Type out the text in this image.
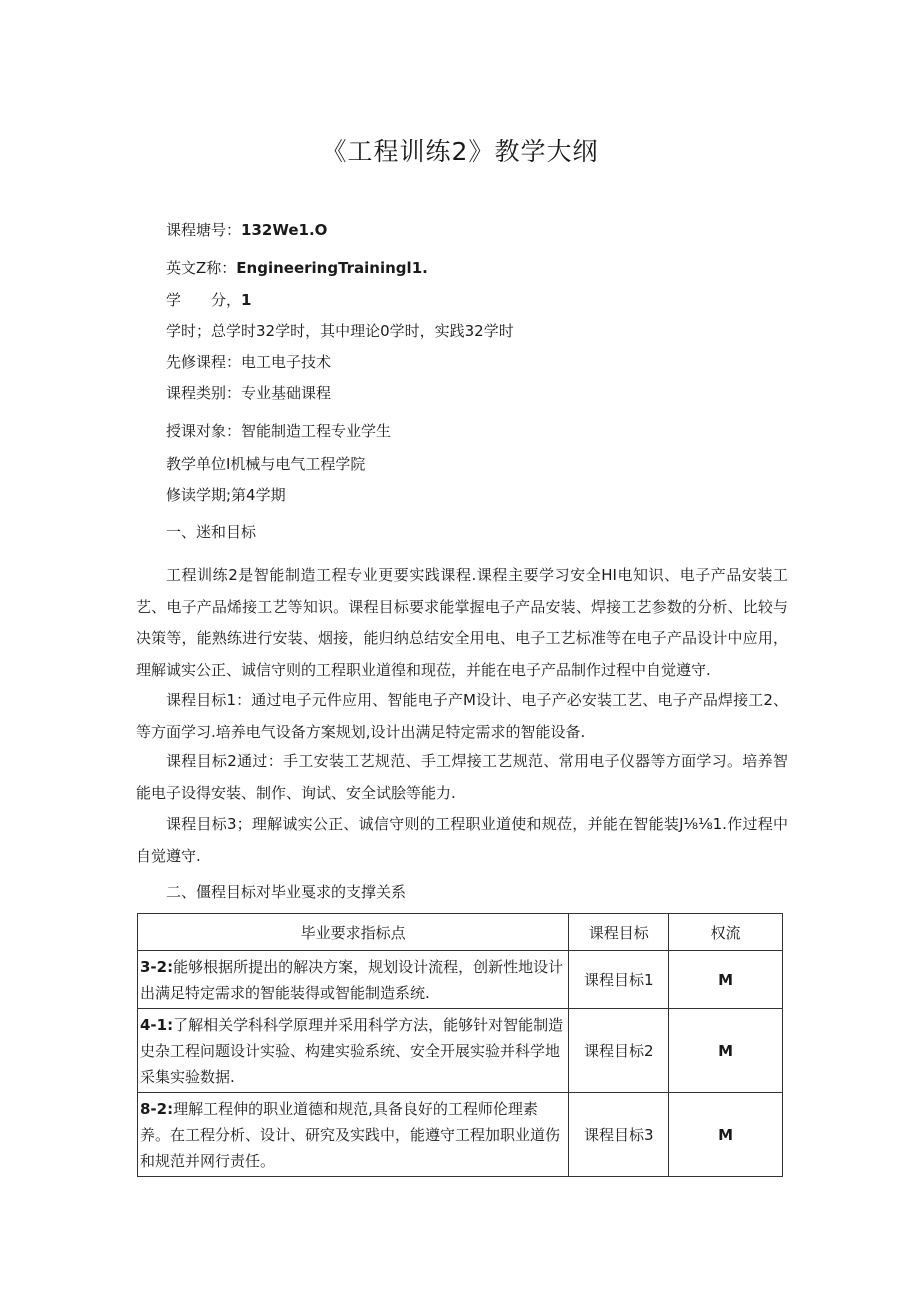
《工程训练2》教学大纲
课程塘号：132We1.O
英文Z称：EngineeringTrainingl1.
学　　分，1
学时；总学时32学时，其中理论0学时，实践32学时
先修课程：电工电子技术
课程类别：专业基础课程
授课对象：智能制造工程专业学生
教学单位I机械与电气工程学院
修读学期;第4学期
一、迷和目标

工程训练2是智能制造工程专业更要实践课程.课程主要学习安全HI电知识、电子产品安装工艺、电子产品烯接工艺等知识。课程目标要求能掌握电子产品安装、焊接工艺参数的分析、比较与决策等，能熟练进行安装、烟接，能归纳总结安全用电、电子工艺标准等在电子产品设计中应用，理解诚实公正、诚信守则的工程职业道徨和现莅，并能在电子产品制作过程中自觉遵守.

课程目标1：通过电子元件应用、智能电子产M设计、电子产必安装工艺、电子产品焊接工2、等方面学习.培养电气设备方案规划,设计出满足特定需求的智能设备.

课程目标2通过：手工安装工艺规范、手工焊接工艺规范、常用电子仪器等方面学习。培养智能电子设得安装、制作、询试、安全试脍等能力.

课程目标3；理解诚实公正、诚信守则的工程职业道使和规莅，并能在智能装J⅛⅛1.作过程中自觉遵守.

二、僵程目标对毕业戛求的支撑关系
毕业要求指标点	课程目标	权流
3-2:能够根据所提出的解决方案，规划设计流程，创新性地设计出满足特定需求的智能装得或智能制造系统.	课程目标1	M
4-1:了解相关学科科学原理并采用科学方法，能够针对智能制造史杂工程问题设计实验、构建实验系统、安全开展实验并科学地采集实验数据.	课程目标2	M
8-2:理解工程伸的职业道德和规范,具备良好的工程师伦理素养。在工程分析、设计、研究及实践中，能遵守工程加职业道伤和规范并网行责任。	课程目标3	M
